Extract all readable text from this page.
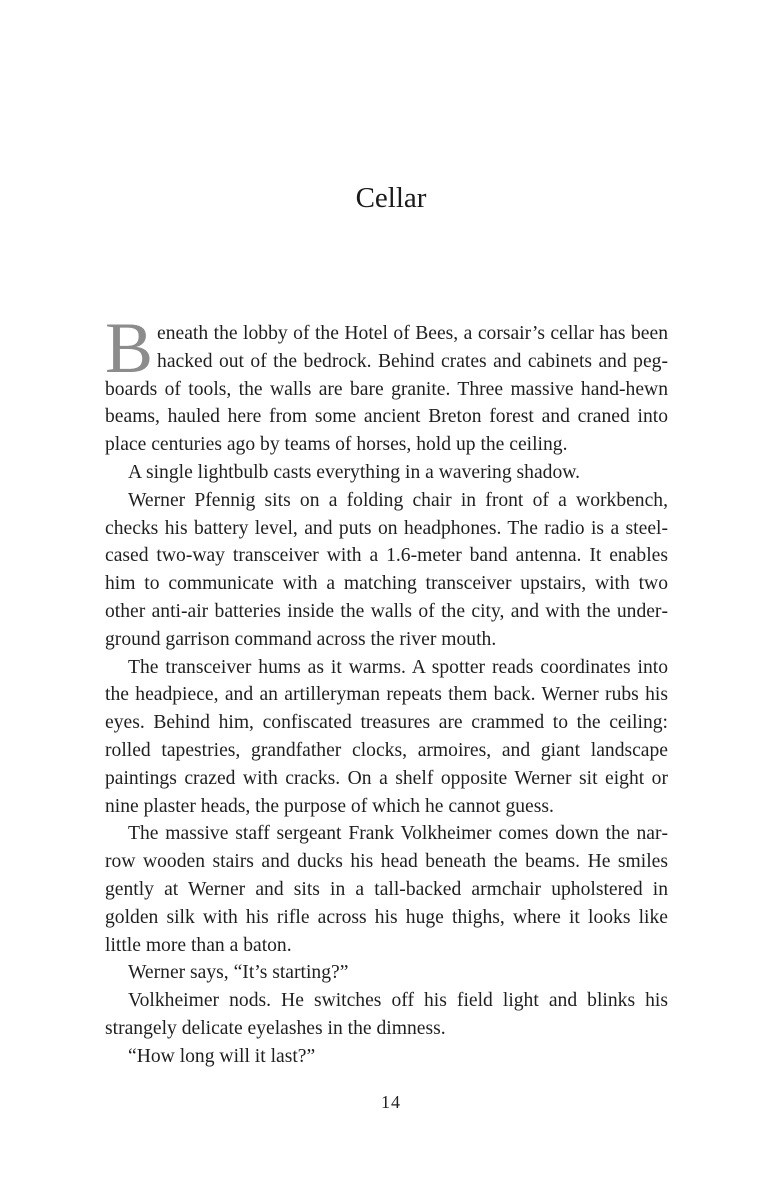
Cellar

Beneath the lobby of the Hotel of Bees, a corsair’s cellar has been hacked out of the bedrock. Behind crates and cabinets and pegboards of tools, the walls are bare granite. Three massive hand-hewn beams, hauled here from some ancient Breton forest and craned into place centuries ago by teams of horses, hold up the ceiling.

A single lightbulb casts everything in a wavering shadow.

Werner Pfennig sits on a folding chair in front of a workbench, checks his battery level, and puts on headphones. The radio is a steel-cased two-way transceiver with a 1.6-meter band antenna. It enables him to communicate with a matching transceiver upstairs, with two other anti-air batteries inside the walls of the city, and with the underground garrison command across the river mouth.

The transceiver hums as it warms. A spotter reads coordinates into the headpiece, and an artilleryman repeats them back. Werner rubs his eyes. Behind him, confiscated treasures are crammed to the ceiling: rolled tapestries, grandfather clocks, armoires, and giant landscape paintings crazed with cracks. On a shelf opposite Werner sit eight or nine plaster heads, the purpose of which he cannot guess.

The massive staff sergeant Frank Volkheimer comes down the narrow wooden stairs and ducks his head beneath the beams. He smiles gently at Werner and sits in a tall-backed armchair upholstered in golden silk with his rifle across his huge thighs, where it looks like little more than a baton.

Werner says, “It’s starting?”

Volkheimer nods. He switches off his field light and blinks his strangely delicate eyelashes in the dimness.

“How long will it last?”

14
